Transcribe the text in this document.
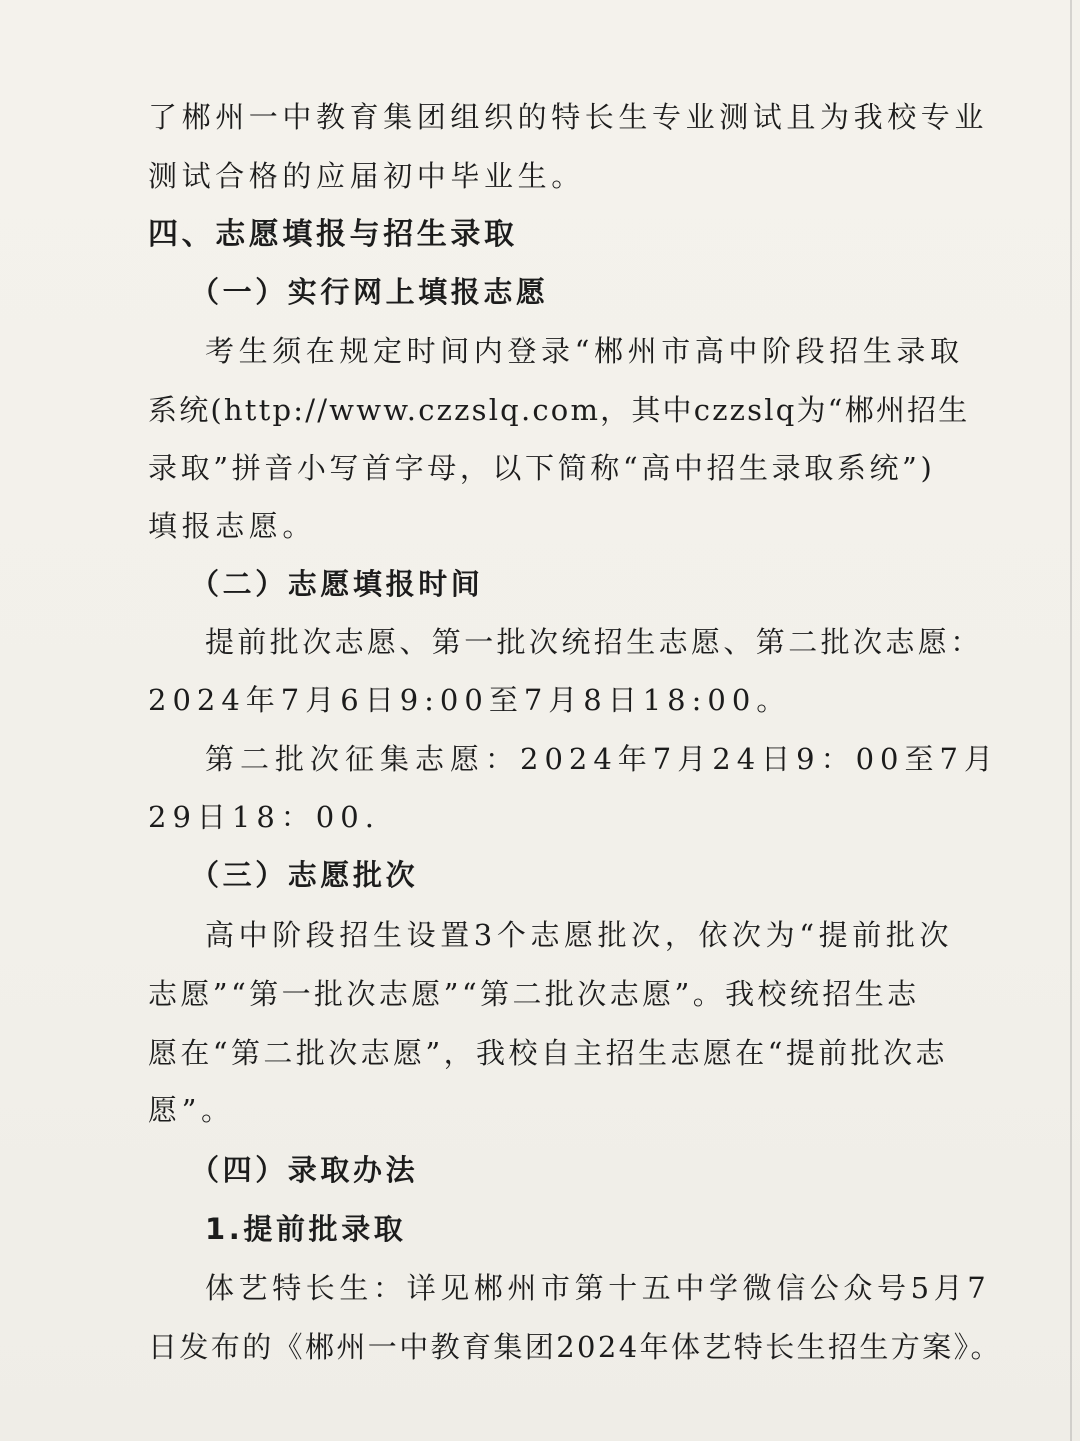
了郴州一中教育集团组织的特长生专业测试且为我校专业
测试合格的应届初中毕业生。
四、志愿填报与招生录取
（一）实行网上填报志愿
考生须在规定时间内登录“郴州市高中阶段招生录取
系统(http://www.czzslq.com，其中czzslq为“郴州招生
录取”拼音小写首字母，以下简称“高中招生录取系统”)
填报志愿。
（二）志愿填报时间
提前批次志愿、第一批次统招生志愿、第二批次志愿：
2024年7月6日9:00至7月8日18:00。
第二批次征集志愿：2024年7月24日9：00至7月
29日18：00.
（三）志愿批次
高中阶段招生设置3个志愿批次，依次为“提前批次
志愿”“第一批次志愿”“第二批次志愿”。我校统招生志
愿在“第二批次志愿”，我校自主招生志愿在“提前批次志
愿”。
（四）录取办法
1.提前批录取
体艺特长生：详见郴州市第十五中学微信公众号5月7
日发布的《郴州一中教育集团2024年体艺特长生招生方案》。
